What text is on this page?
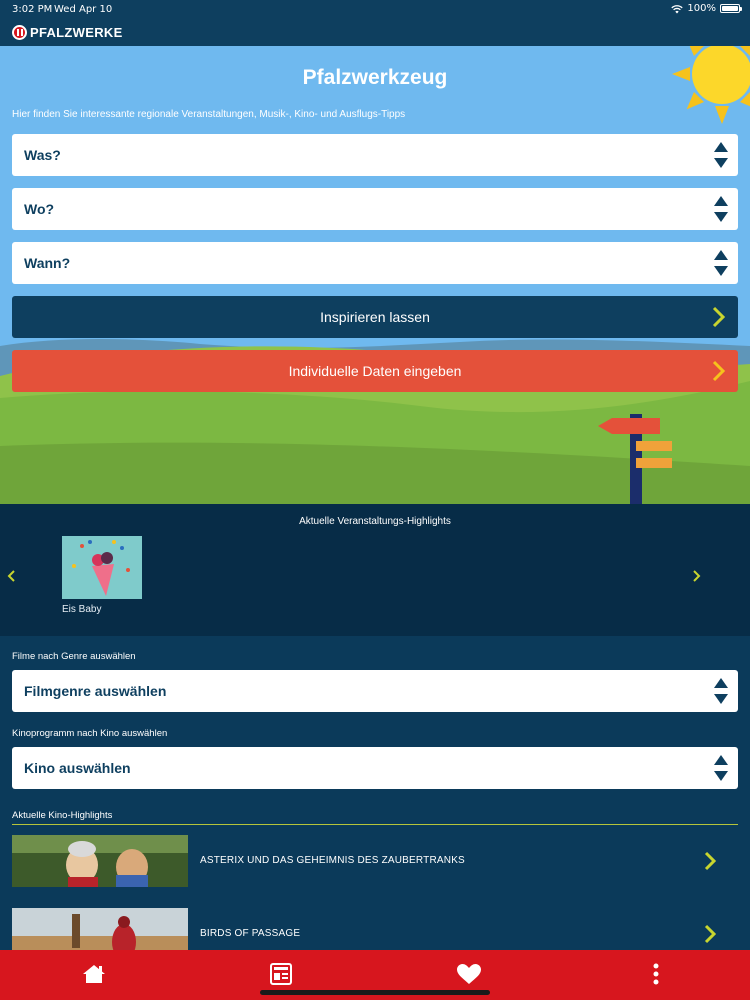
3:02 PM Wed Apr 10	100%
PFALZWERKE
Pfalzwerkzeug
Hier finden Sie interessante regionale Veranstaltungen, Musik-, Kino- und Ausflugs-Tipps
Was?
Wo?
Wann?
Inspirieren lassen
Individuelle Daten eingeben
Aktuelle Veranstaltungs-Highlights
Eis Baby
Filme nach Genre auswählen
Filmgenre auswählen
Kinoprogramm nach Kino auswählen
Kino auswählen
Aktuelle Kino-Highlights
ASTERIX UND DAS GEHEIMNIS DES ZAUBERTRANKS
BIRDS OF PASSAGE
